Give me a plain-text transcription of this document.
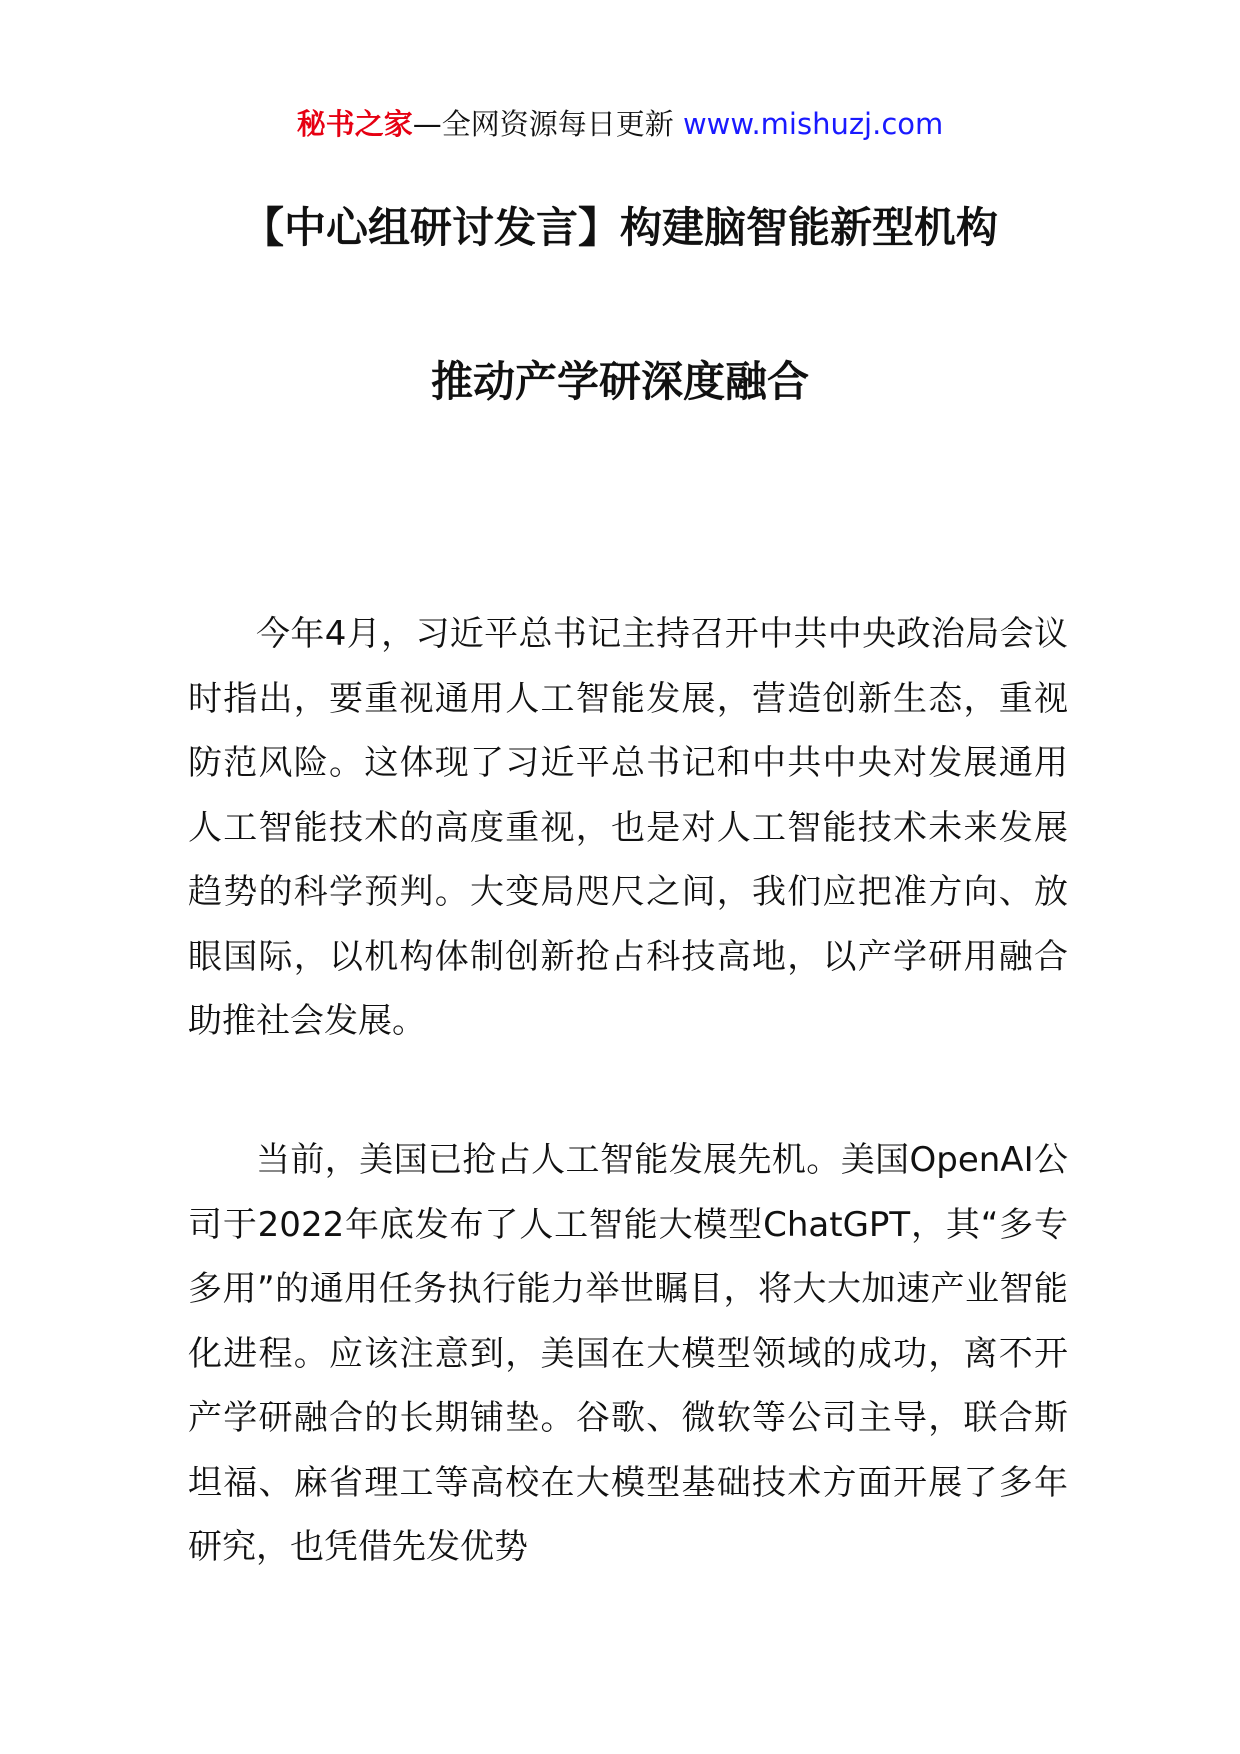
秘书之家—全网资源每日更新 www.mishuzj.com
【中心组研讨发言】构建脑智能新型机构
推动产学研深度融合

今年4月，习近平总书记主持召开中共中央政治局会议时指出，要重视通用人工智能发展，营造创新生态，重视防范风险。这体现了习近平总书记和中共中央对发展通用人工智能技术的高度重视，也是对人工智能技术未来发展趋势的科学预判。大变局咫尺之间，我们应把准方向、放眼国际，以机构体制创新抢占科技高地，以产学研用融合助推社会发展。

当前，美国已抢占人工智能发展先机。美国OpenAI公司于2022年底发布了人工智能大模型ChatGPT，其“多专多用”的通用任务执行能力举世瞩目，将大大加速产业智能化进程。应该注意到，美国在大模型领域的成功，离不开产学研融合的长期铺垫。谷歌、微软等公司主导，联合斯坦福、麻省理工等高校在大模型基础技术方面开展了多年研究，也凭借先发优势
